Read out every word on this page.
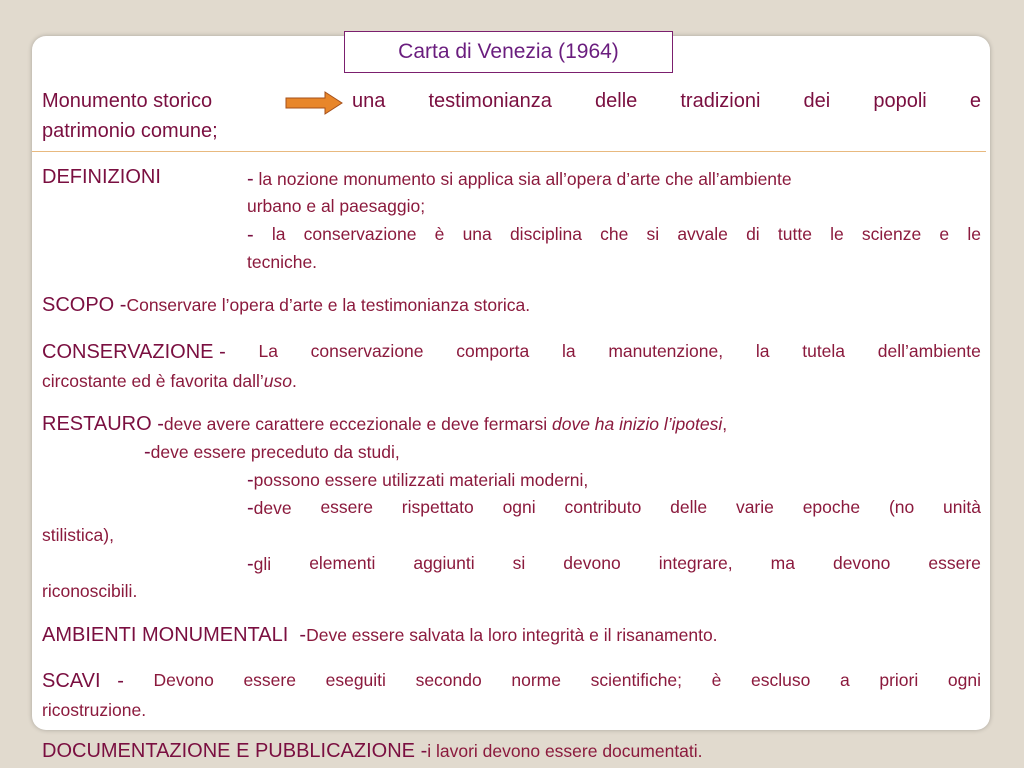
Carta di Venezia (1964)
Monumento storico	una testimonianza delle tradizioni dei popoli e
patrimonio comune;
DEFINIZIONI	- la nozione monumento si applica sia all’opera d’arte che all’ambiente
urbano e al paesaggio;
- la conservazione è una disciplina che si avvale di tutte le scienze e le
tecniche.
SCOPO -Conservare l’opera d’arte e la testimonianza storica.
CONSERVAZIONE - La conservazione comporta la manutenzione, la tutela dell’ambiente
circostante ed è favorita dall’uso.
RESTAURO -deve avere carattere eccezionale e deve fermarsi dove ha inizio l’ipotesi,
-deve essere preceduto da studi,
-possono essere utilizzati materiali moderni,
-deve essere rispettato ogni contributo delle varie epoche (no unità
stilistica),
-gli elementi aggiunti si devono integrare, ma devono essere
riconoscibili.
AMBIENTI MONUMENTALI  -Deve essere salvata la loro integrità e il risanamento.
SCAVI   - Devono essere eseguiti secondo norme scientifiche; è escluso a priori ogni
ricostruzione.
DOCUMENTAZIONE E PUBBLICAZIONE -i lavori devono essere documentati.
